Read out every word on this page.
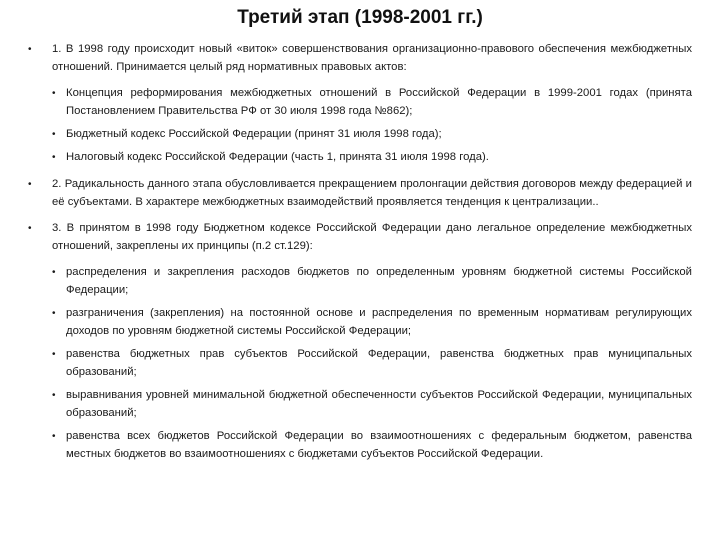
Третий этап (1998-2001 гг.)
• 1. В 1998 году происходит новый «виток» совершенствования организационно-правового обеспечения межбюджетных отношений. Принимается целый ряд нормативных правовых актов:
• Концепция реформирования межбюджетных отношений в Российской Федерации в 1999-2001 годах (принята Постановлением Правительства РФ от 30 июля 1998 года №862);
• Бюджетный кодекс Российской Федерации (принят 31 июля 1998 года);
• Налоговый кодекс Российской Федерации (часть 1, принята 31 июля 1998 года).
• 2. Радикальность данного этапа обусловливается прекращением пролонгации действия договоров между федерацией и её субъектами. В характере межбюджетных взаимодействий проявляется тенденция к централизации..
• 3. В принятом в 1998 году Бюджетном кодексе Российской Федерации дано легальное определение межбюджетных отношений, закреплены их принципы (п.2 ст.129):
• распределения и закрепления расходов бюджетов по определенным уровням бюджетной системы Российской Федерации;
• разграничения (закрепления) на постоянной основе и распределения по временным нормативам регулирующих доходов по уровням бюджетной системы Российской Федерации;
• равенства бюджетных прав субъектов Российской Федерации, равенства бюджетных прав муниципальных образований;
• выравнивания уровней минимальной бюджетной обеспеченности субъектов Российской Федерации, муниципальных образований;
• равенства всех бюджетов Российской Федерации во взаимоотношениях с федеральным бюджетом, равенства местных бюджетов во взаимоотношениях с бюджетами субъектов Российской Федерации.
